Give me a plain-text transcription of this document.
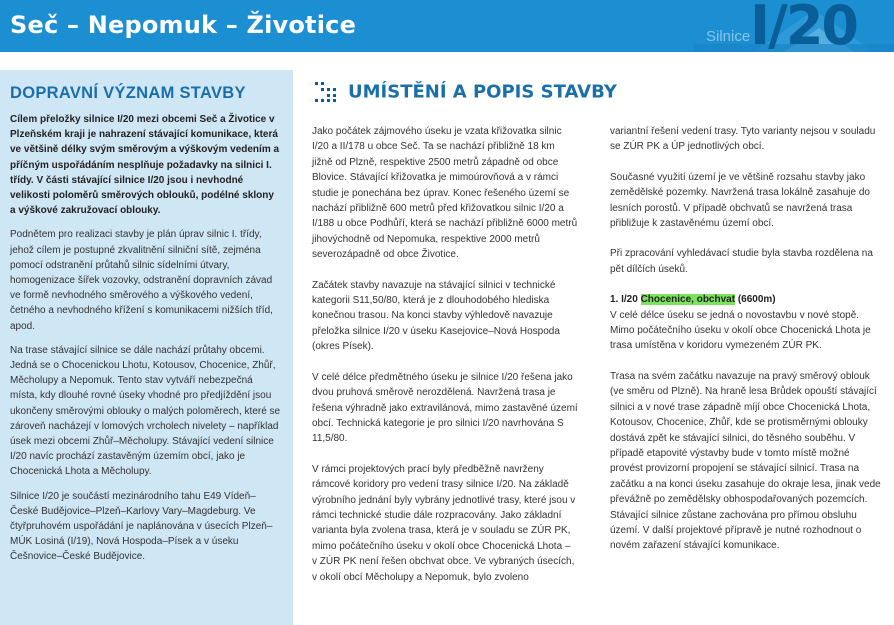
Seč – Nepomuk – Životice	Silnice I/20
DOPRAVNÍ VÝZNAM STAVBY

Cílem přeložky silnice I/20 mezi obcemi Seč a Životice v Plzeňském kraji je nahrazení stávající komunikace, která ve většině délky svým směrovým a výškovým vedením a příčným uspořádáním nesplňuje požadavky na silnici I. třídy. V části stávající silnice I/20 jsou i nevhodné velikosti poloměrů směrových oblouků, podélné sklony a výškové zakružovací oblouky.

Podnětem pro realizaci stavby je plán úprav silnic I. třídy, jehož cílem je postupné zkvalitnění silniční sítě, zejména pomocí odstranění průtahů silnic sídelními útvary, homogenizace šířek vozovky, odstranění dopravních závad ve formě nevhodného směrového a výškového vedení, četného a nevhodného křížení s komunikacemi nižších tříd, apod.

Na trase stávající silnice se dále nachází průtahy obcemi. Jedná se o Chocenickou Lhotu, Kotousov, Chocenice, Zhůř, Měcholupy a Nepomuk. Tento stav vytváří nebezpečná místa, kdy dlouhé rovné úseky vhodné pro předjíždění jsou ukončeny směrovými oblouky o malých poloměrech, které se zároveň nacházejí v lomových vrcholech nivelety – například úsek mezi obcemi Zhůř–Měcholupy. Stávající vedení silnice I/20 navíc prochází zastavěným územím obcí, jako je Chocenická Lhota a Měcholupy.

Silnice I/20 je součástí mezinárodního tahu E49 Vídeň– České Budějovice–Plzeň–Karlovy Vary–Magdeburg. Ve čtyřpruhovém uspořádání je naplánována v úsecích Plzeň–MÚK Losiná (I/19), Nová Hospoda–Písek a v úseku Češnovice–České Budějovice.

UMÍSTĚNÍ A POPIS STAVBY

Jako počátek zájmového úseku je vzata křižovatka silnic I/20 a II/178 u obce Seč. Ta se nachází přibližně 18 km jižně od Plzně, respektive 2500 metrů západně od obce Blovice. Stávající křižovatka je mimoúrovňová a v rámci studie je ponechána bez úprav. Konec řešeného území se nachází přibližně 600 metrů před křižovatkou silnic I/20 a I/188 u obce Podhůří, která se nachází přibližně 6000 metrů jihovýchodně od Nepomuka, respektive 2000 metrů severozápadně od obce Životice.

Začátek stavby navazuje na stávající silnici v technické kategorii S11,50/80, která je z dlouhodobého hlediska konečnou trasou. Na konci stavby výhledově navazuje přeložka silnice I/20 v úseku Kasejovice–Nová Hospoda (okres Písek).

V celé délce předmětného úseku je silnice I/20 řešena jako dvou pruhová směrově nerozdělená. Navržená trasa je řešena výhradně jako extravilánová, mimo zastavěné území obcí. Technická kategorie je pro silnici I/20 navrhována S 11,5/80.

V rámci projektových prací byly předběžně navrženy rámcové koridory pro vedení trasy silnice I/20. Na základě výrobního jednání byly vybrány jednotlivé trasy, které jsou v rámci technické studie dále rozpracovány. Jako základní varianta byla zvolena trasa, která je v souladu se ZÚR PK, mimo počátečního úseku v okolí obce Chocenická Lhota – v ZÚR PK není řešen obchvat obce. Ve vybraných úsecích, v okolí obcí Měcholupy a Nepomuk, bylo zvoleno

variantní řešení vedení trasy. Tyto varianty nejsou v souladu se ZÚR PK a ÚP jednotlivých obcí.

Současné využití území je ve většině rozsahu stavby jako zemědělské pozemky. Navržená trasa lokálně zasahuje do lesních porostů. V případě obchvatů se navržená trasa přibližuje k zastavěnému území obcí.

Při zpracování vyhledávací studie byla stavba rozdělena na pět dílčích úseků.

1. I/20 Chocenice, obchvat (6600m)

V celé délce úseku se jedná o novostavbu v nové stopě. Mimo počátečního úseku v okolí obce Chocenická Lhota je trasa umístěna v koridoru vymezeném ZÚR PK.

Trasa na svém začátku navazuje na pravý směrový oblouk (ve směru od Plzně). Na hraně lesa Brůdek opouští stávající silnici a v nové trase západně míjí obce Chocenická Lhota, Kotousov, Chocenice, Zhůř, kde se protisměrnými oblouky dostává zpět ke stávající silnici, do těsného souběhu. V případě etapovité výstavby bude v tomto místě možné provést provizorní propojení se stávající silnicí. Trasa na začátku a na konci úseku zasahuje do okraje lesa, jinak vede převážně po zemědělsky obhospodařovaných pozemcích. Stávající silnice zůstane zachována pro přímou obsluhu území. V další projektové přípravě je nutné rozhodnout o novém zařazení stávající komunikace.
